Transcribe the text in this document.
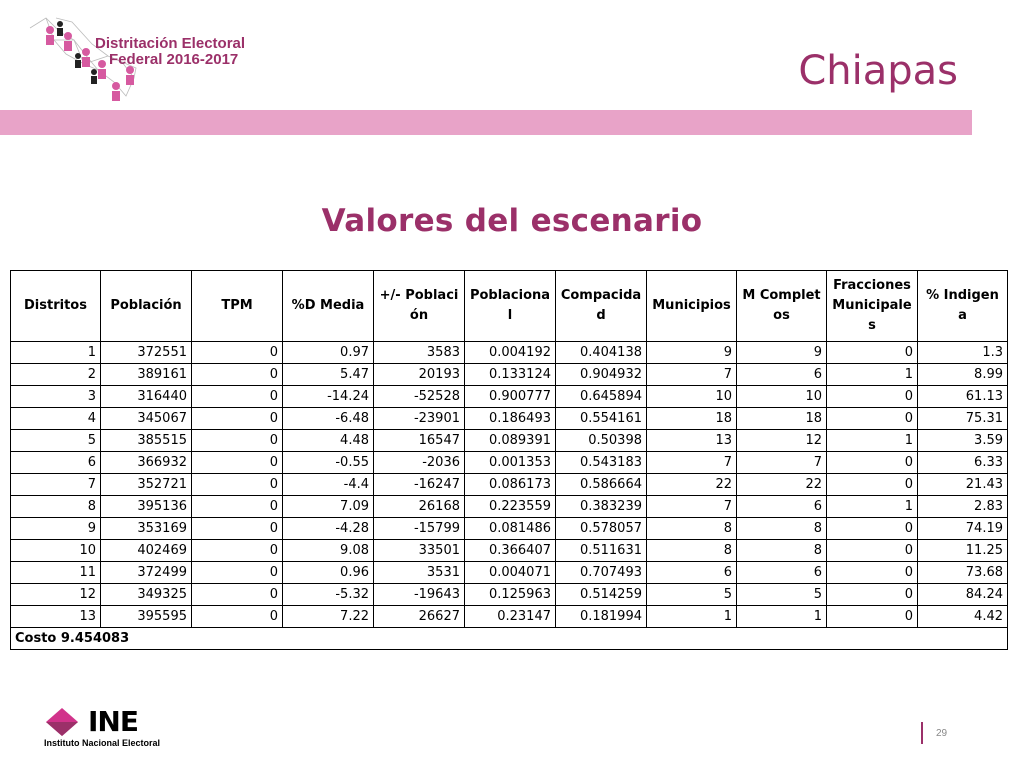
Distritación Electoral
Federal 2016-2017	Chiapas
Valores del escenario
Distritos	Población	TPM	%D Media	+/- Población	Poblacional	Compacidad	Municipios	M Completos	Fracciones Municipales	% Indigena
1	372551	0	0.97	3583	0.004192	0.404138	9	9	0	1.3
2	389161	0	5.47	20193	0.133124	0.904932	7	6	1	8.99
3	316440	0	-14.24	-52528	0.900777	0.645894	10	10	0	61.13
4	345067	0	-6.48	-23901	0.186493	0.554161	18	18	0	75.31
5	385515	0	4.48	16547	0.089391	0.50398	13	12	1	3.59
6	366932	0	-0.55	-2036	0.001353	0.543183	7	7	0	6.33
7	352721	0	-4.4	-16247	0.086173	0.586664	22	22	0	21.43
8	395136	0	7.09	26168	0.223559	0.383239	7	6	1	2.83
9	353169	0	-4.28	-15799	0.081486	0.578057	8	8	0	74.19
10	402469	0	9.08	33501	0.366407	0.511631	8	8	0	11.25
11	372499	0	0.96	3531	0.004071	0.707493	6	6	0	73.68
12	349325	0	-5.32	-19643	0.125963	0.514259	5	5	0	84.24
13	395595	0	7.22	26627	0.23147	0.181994	1	1	0	4.42
Costo 9.454083										
INE
Instituto Nacional Electoral
29
